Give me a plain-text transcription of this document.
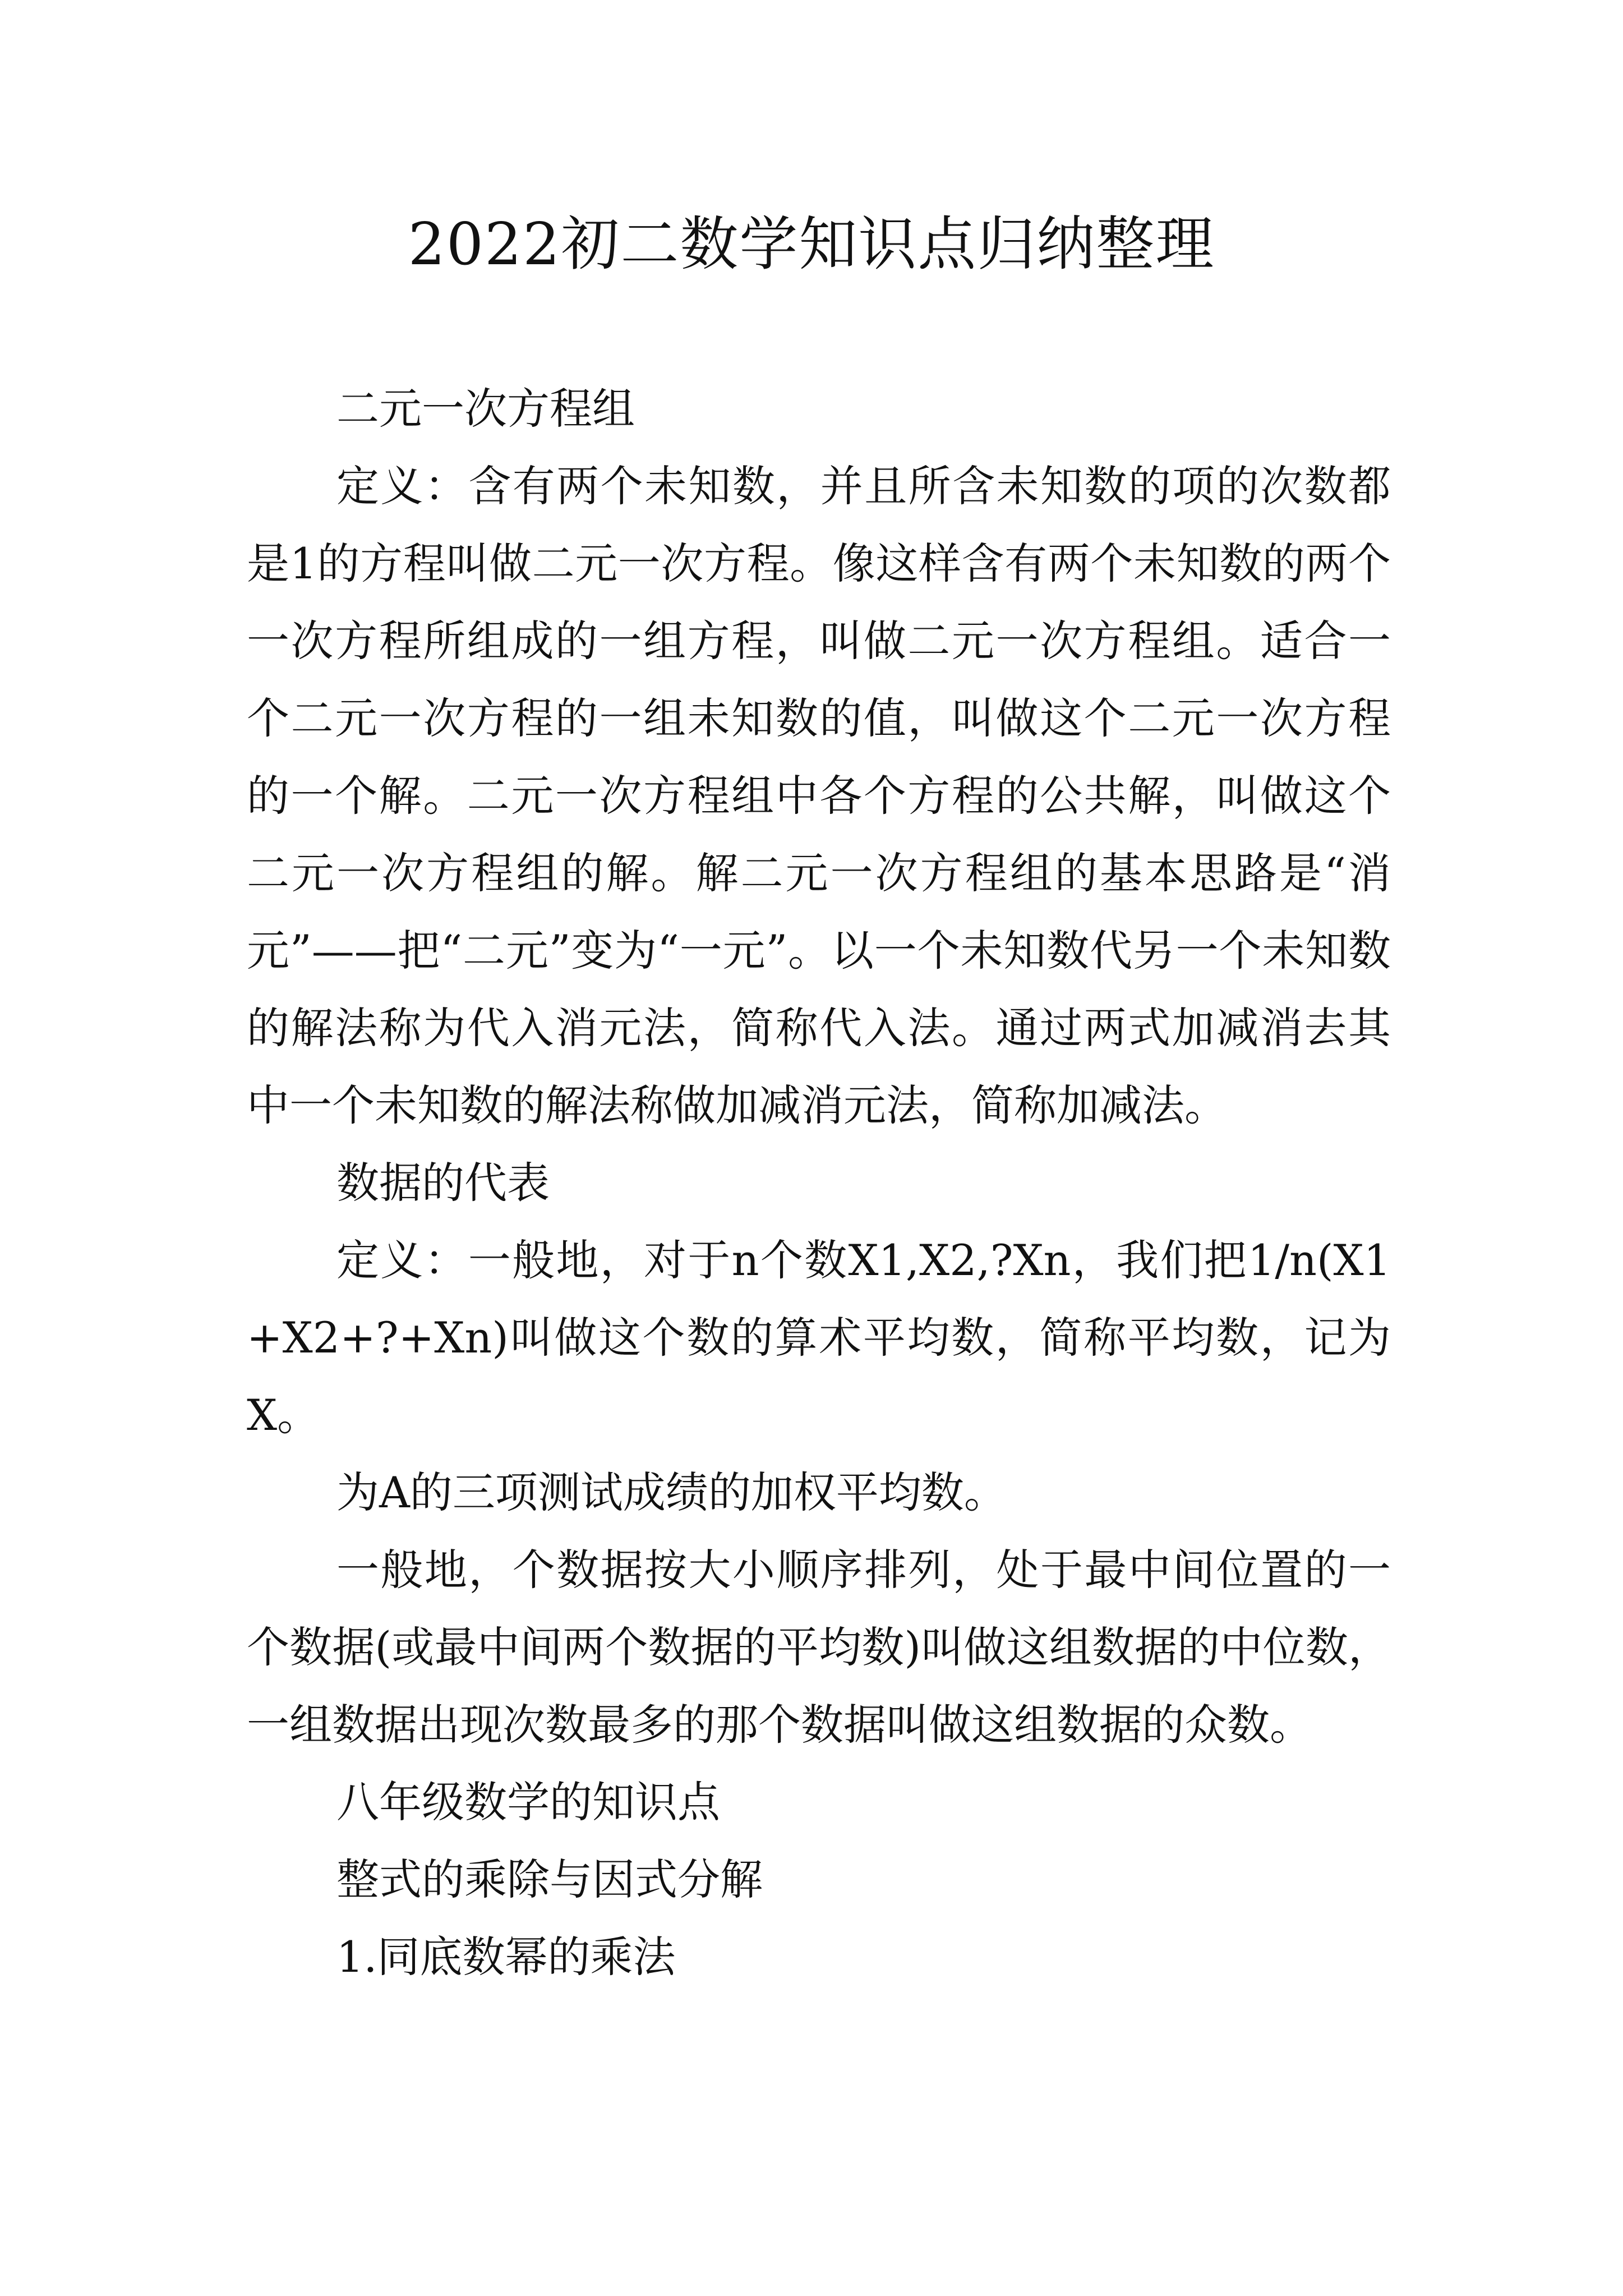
2022初二数学知识点归纳整理

二元一次方程组

定义：含有两个未知数，并且所含未知数的项的次数都是1的方程叫做二元一次方程。像这样含有两个未知数的两个一次方程所组成的一组方程，叫做二元一次方程组。适合一个二元一次方程的一组未知数的值，叫做这个二元一次方程的一个解。二元一次方程组中各个方程的公共解，叫做这个二元一次方程组的解。解二元一次方程组的基本思路是“消元”——把“二元”变为“一元”。以一个未知数代另一个未知数的解法称为代入消元法，简称代入法。通过两式加减消去其中一个未知数的解法称做加减消元法，简称加减法。

数据的代表

定义：一般地，对于n个数X1,X2,?Xn，我们把1/n(X1+X2+?+Xn)叫做这个数的算术平均数，简称平均数，记为X。

为A的三项测试成绩的加权平均数。

一般地，个数据按大小顺序排列，处于最中间位置的一个数据(或最中间两个数据的平均数)叫做这组数据的中位数，一组数据出现次数最多的那个数据叫做这组数据的众数。

八年级数学的知识点

整式的乘除与因式分解

1.同底数幂的乘法
